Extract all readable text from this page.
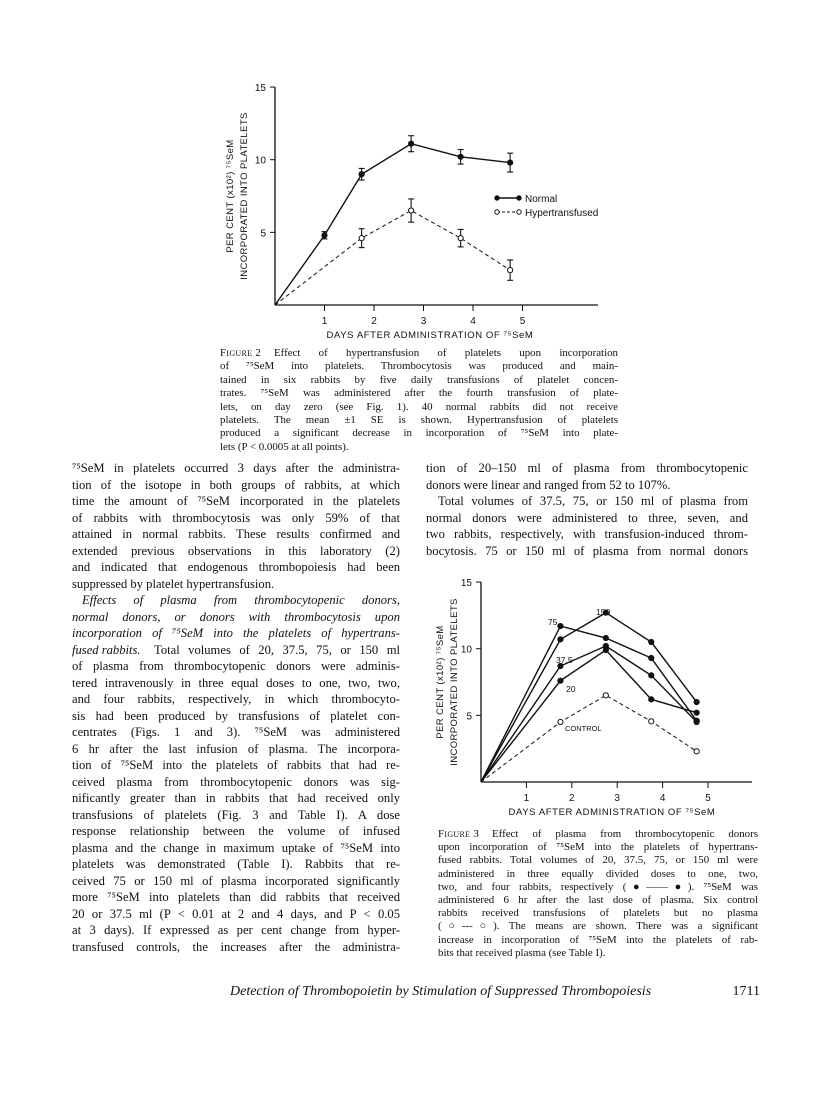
1	2	3	4	5
5
10
15
DAYS AFTER ADMINISTRATION OF ⁷⁵SeM
PER CENT (x10²) ⁷⁵SeM INCORPORATED INTO PLATELETS	Normal
Hypertransfused
1	2	3	4	5
5
10
15
DAYS AFTER ADMINISTRATION OF ⁷⁵SeM
PER CENT (x10²) ⁷⁵SeM INCORPORATED INTO PLATELETS	150
75
37.5
20
CONTROL
Figure 2 Effect of hypertransfusion of platelets upon incorporation
of ⁷⁵SeM into platelets. Thrombocytosis was produced and main-
tained in six rabbits by five daily transfusions of platelet concen-
trates. ⁷⁵SeM was administered after the fourth transfusion of plate-
lets, on day zero (see Fig. 1). 40 normal rabbits did not receive
platelets. The mean ±1 SE is shown. Hypertransfusion of platelets
produced a significant decrease in incorporation of ⁷⁵SeM into plate-
lets (P < 0.0005 at all points).
Figure 3 Effect of plasma from thrombocytopenic donors
upon incorporation of ⁷⁵SeM into the platelets of hypertrans-
fused rabbits. Total volumes of 20, 37.5, 75, or 150 ml were
administered in three equally divided doses to one, two,
two, and four rabbits, respectively (●——●). ⁷⁵SeM was
administered 6 hr after the last dose of plasma. Six control
rabbits received transfusions of platelets but no plasma
(○---○). The means are shown. There was a significant
increase in incorporation of ⁷⁵SeM into the platelets of rab-
bits that received plasma (see Table I).
⁷⁵SeM in platelets occurred 3 days after the administra-
tion of the isotope in both groups of rabbits, at which
time the amount of ⁷⁵SeM incorporated in the platelets
of rabbits with thrombocytosis was only 59% of that
attained in normal rabbits. These results confirmed and
extended previous observations in this laboratory (2)
and indicated that endogenous thrombopoiesis had been
suppressed by platelet hypertransfusion.
Effects of plasma from thrombocytopenic donors,
normal donors, or donors with thrombocytosis upon
incorporation of ⁷⁵SeM into the platelets of hypertrans-
fused rabbits.	Total volumes of 20, 37.5, 75, or 150 ml
of plasma from thrombocytopenic donors were adminis-
tered intravenously in three equal doses to one, two, two,
and four rabbits, respectively, in which thrombocyto-
sis had been produced by transfusions of platelet con-
centrates (Figs. 1 and 3). ⁷⁵SeM was administered
6 hr after the last infusion of plasma. The incorpora-
tion of ⁷⁵SeM into the platelets of rabbits that had re-
ceived plasma from thrombocytopenic donors was sig-
nificantly greater than in rabbits that had received only
transfusions of platelets (Fig. 3 and Table I). A dose
response relationship between the volume of infused
plasma and the change in maximum uptake of ⁷⁵SeM into
platelets was demonstrated (Table I). Rabbits that re-
ceived 75 or 150 ml of plasma incorporated significantly
more ⁷⁵SeM into platelets than did rabbits that received
20 or 37.5 ml (P < 0.01 at 2 and 4 days, and P < 0.05
at 3 days). If expressed as per cent change from hyper-
transfused controls, the increases after the administra-
tion of 20–150 ml of plasma from thrombocytopenic
donors were linear and ranged from 52 to 107%.
Total volumes of 37.5, 75, or 150 ml of plasma from
normal donors were administered to three, seven, and
two rabbits, respectively, with transfusion-induced throm-
bocytosis. 75 or 150 ml of plasma from normal donors
Detection of Thrombopoietin by Stimulation of Suppressed Thrombopoiesis	1711
